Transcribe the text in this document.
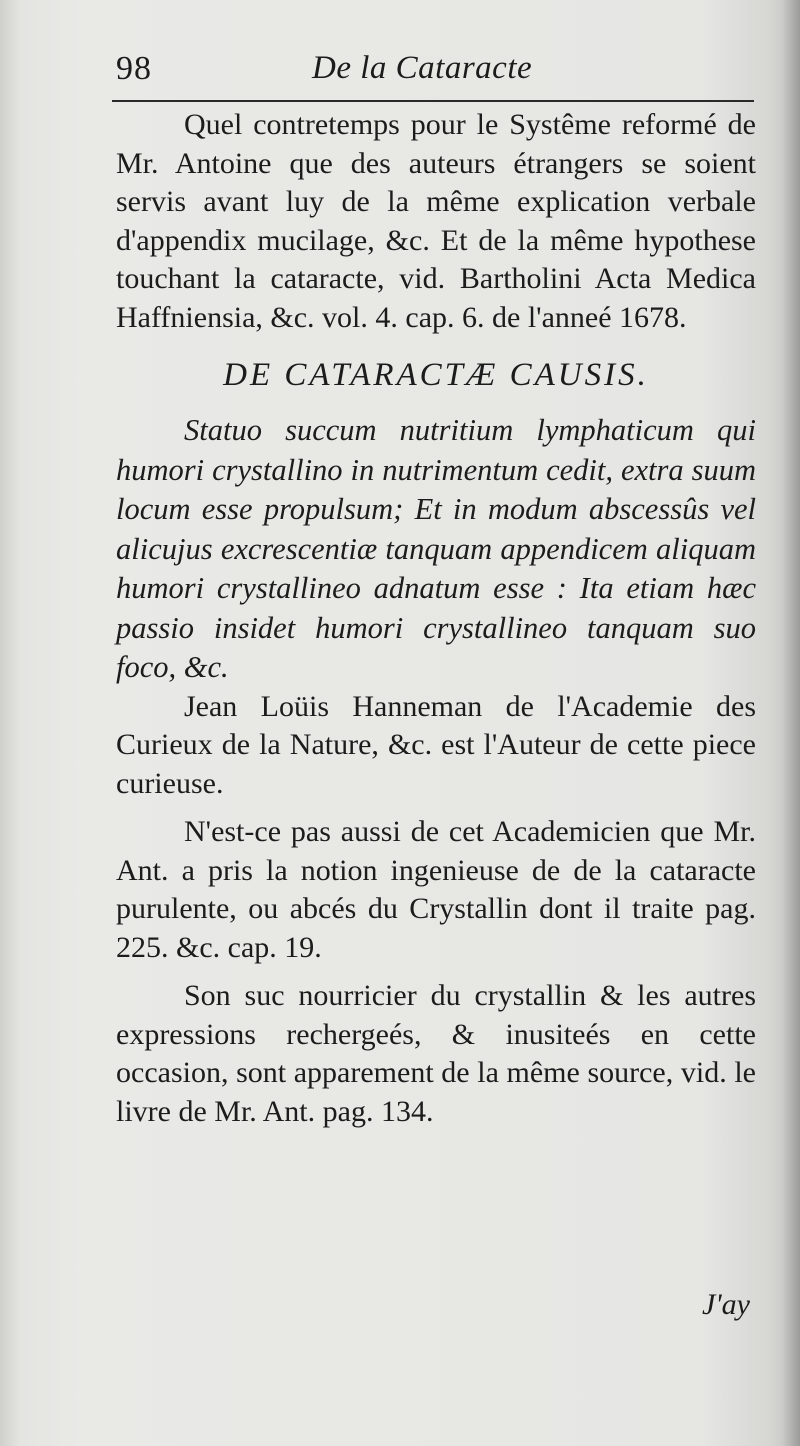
98	De la Cataracte

Quel contretemps pour le Systême reformé de Mr. Antoine que des auteurs étrangers se soient servis avant luy de la même explication verbale d'appendix mucilage, &c. Et de la même hypothese touchant la cataracte, vid. Bartholini Acta Medica Haffniensia, &c. vol. 4. cap. 6. de l'anneé 1678.

DE CATARACTÆ CAUSIS.

Statuo succum nutritium lymphaticum qui humori crystallino in nutrimentum cedit, extra suum locum esse propulsum; Et in modum abscessûs vel alicujus excrescentiæ tanquam appendicem aliquam humori crystallineo adnatum esse : Ita etiam hæc passio insidet humori crystallineo tanquam suo foco, &c.

Jean Loüis Hanneman de l'Academie des Curieux de la Nature, &c. est l'Auteur de cette piece curieuse.

N'est-ce pas aussi de cet Academicien que Mr. Ant. a pris la notion ingenieuse de de la cataracte purulente, ou abcés du Crystallin dont il traite pag. 225. &c. cap. 19.

Son suc nourricier du crystallin & les autres expressions rechergeés, & inusiteés en cette occasion, sont apparement de la même source, vid. le livre de Mr. Ant. pag. 134.

J'ay
